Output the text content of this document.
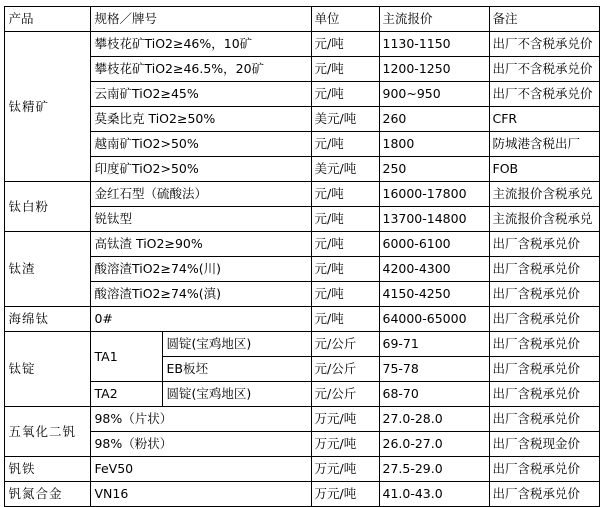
产品	规格／牌号		单位	主流报价	备注
钛精矿	攀枝花矿TiO2≥46%，10矿		元/吨	1130-1150	出厂不含税承兑价
	攀枝花矿TiO2≥46.5%，20矿		元/吨	1200-1250	出厂不含税承兑价
	云南矿TiO2≥45%		元/吨	900~950	出厂不含税承兑价
	莫桑比克 TiO2≥50%		美元/吨	260	CFR
	越南矿TiO2>50%		元/吨	1800	防城港含税出厂
	印度矿TiO2>50%		美元/吨	250	FOB
钛白粉	金红石型（硫酸法）		元/吨	16000-17800	主流报价含税承兑
	锐钛型		元/吨	13700-14800	主流报价含税承兑
钛渣	高钛渣 TiO2≥90%		元/吨	6000-6100	出厂含税承兑价
	酸溶渣TiO2≥74%(川)		元/吨	4200-4300	出厂含税承兑价
	酸溶渣TiO2≥74%(滇)		元/吨	4150-4250	出厂含税承兑价
海绵钛	0#		元/吨	64000-65000	出厂含税承兑价
钛锭	TA1	圆锭(宝鸡地区)	元/公斤	69-71	出厂含税承兑价
		EB板坯	元/公斤	75-78	出厂含税承兑价
	TA2	圆锭(宝鸡地区)	元/公斤	68-70	出厂含税承兑价
五氧化二钒	98%（片状）		万元/吨	27.0-28.0	出厂含税承兑价
	98%（粉状）		万元/吨	26.0-27.0	出厂含税现金价
钒铁	FeV50		万元/吨	27.5-29.0	出厂含税承兑价
钒氮合金	VN16		万元/吨	41.0-43.0	出厂含税承兑价
